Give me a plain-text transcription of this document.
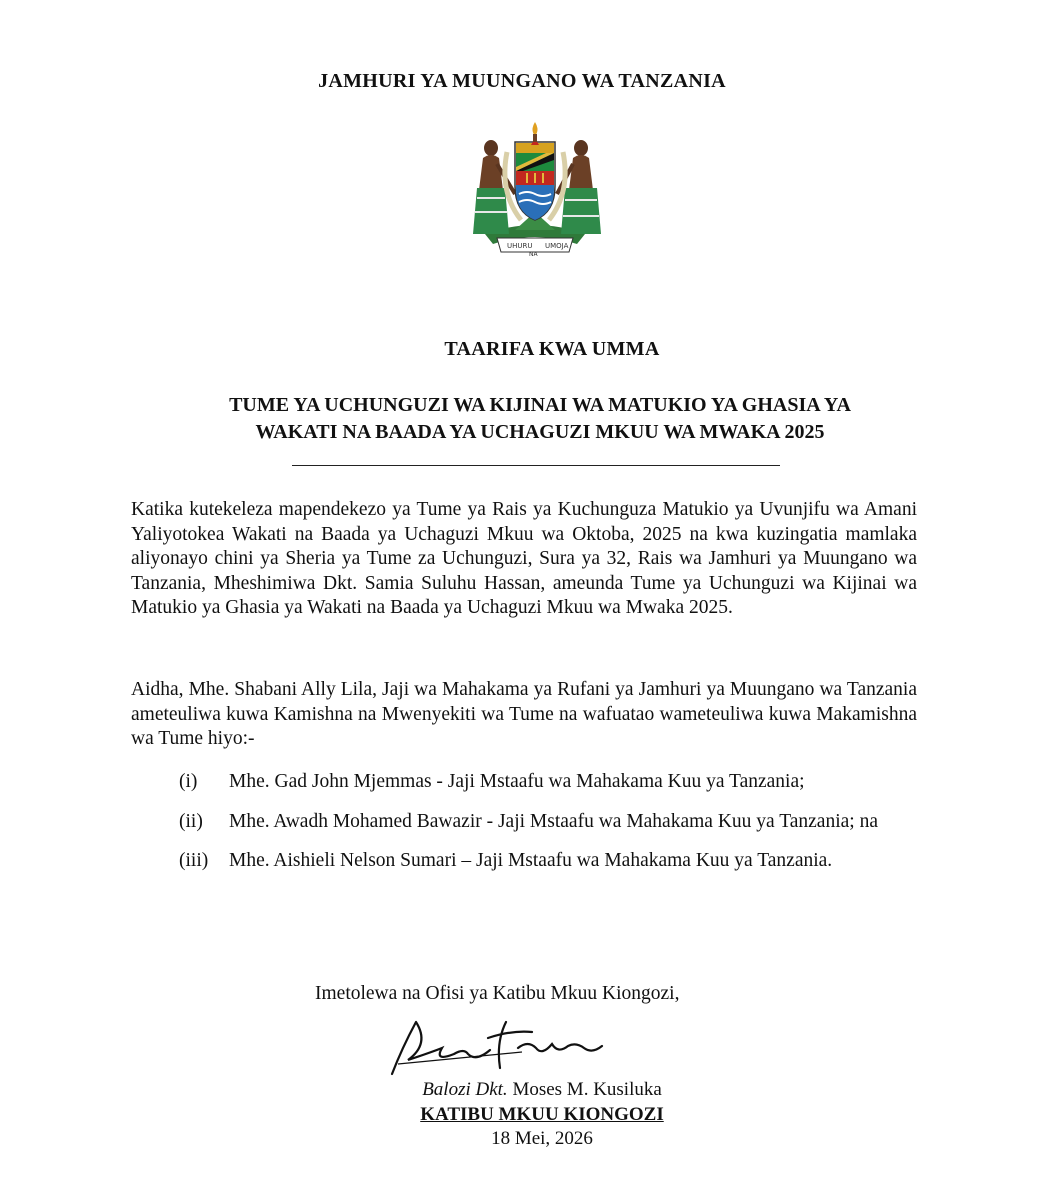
JAMHURI YA MUUNGANO WA TANZANIA
UHURU
NA
UMOJA
TAARIFA KWA UMMA
TUME YA UCHUNGUZI WA KIJINAI WA MATUKIO YA GHASIA YA
WAKATI NA BAADA YA UCHAGUZI MKUU WA MWAKA 2025

Katika kutekeleza mapendekezo ya Tume ya Rais ya Kuchunguza Matukio ya Uvunjifu wa Amani Yaliyotokea Wakati na Baada ya Uchaguzi Mkuu wa Oktoba, 2025 na kwa kuzingatia mamlaka aliyonayo chini ya Sheria ya Tume za Uchunguzi, Sura ya 32, Rais wa Jamhuri ya Muungano wa Tanzania, Mheshimiwa Dkt. Samia Suluhu Hassan, ameunda Tume ya Uchunguzi wa Kijinai wa Matukio ya Ghasia ya Wakati na Baada ya Uchaguzi Mkuu wa Mwaka 2025.

Aidha, Mhe. Shabani Ally Lila, Jaji wa Mahakama ya Rufani ya Jamhuri ya Muungano wa Tanzania ameteuliwa kuwa Kamishna na Mwenyekiti wa Tume na wafuatao wameteuliwa kuwa Makamishna wa Tume hiyo:-

(i)	Mhe. Gad John Mjemmas - Jaji Mstaafu wa Mahakama Kuu ya Tanzania;
(ii)	Mhe. Awadh Mohamed Bawazir - Jaji Mstaafu wa Mahakama Kuu ya Tanzania; na
(iii)	Mhe. Aishieli Nelson Sumari – Jaji Mstaafu wa Mahakama Kuu ya Tanzania.
Imetolewa na Ofisi ya Katibu Mkuu Kiongozi,
Balozi Dkt. Moses M. Kusiluka
KATIBU MKUU KIONGOZI
18 Mei, 2026
